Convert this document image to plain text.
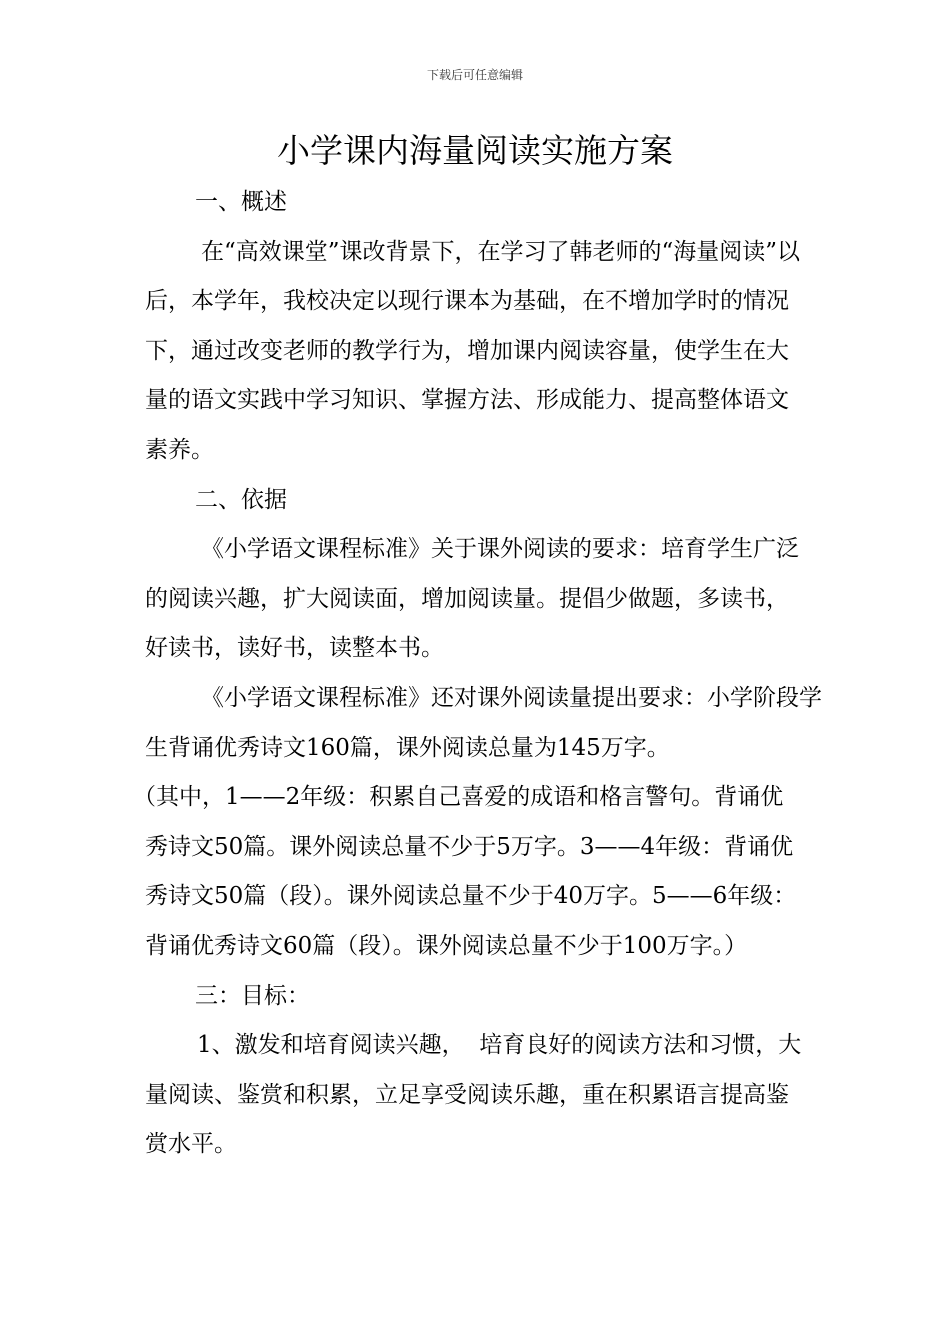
下载后可任意编辑
小学课内海量阅读实施方案

一、概述

在“高效课堂”课改背景下，在学习了韩老师的“海量阅读”以后，本学年，我校决定以现行课本为基础，在不增加学时的情况下，通过改变老师的教学行为，增加课内阅读容量，使学生在大量的语文实践中学习知识、掌握方法、形成能力、提高整体语文素养。

二、依据

《小学语文课程标准》关于课外阅读的要求：培育学生广泛的阅读兴趣，扩大阅读面，增加阅读量。提倡少做题，多读书，好读书，读好书，读整本书。

《小学语文课程标准》还对课外阅读量提出要求：小学阶段学生背诵优秀诗文160篇，课外阅读总量为145万字。

（其中，1——2年级：积累自己喜爱的成语和格言警句。背诵优秀诗文50篇。课外阅读总量不少于5万字。3——4年级：背诵优秀诗文50篇（段）。课外阅读总量不少于40万字。5——6年级：背诵优秀诗文60篇（段）。课外阅读总量不少于100万字。）

三：目标：

1、激发和培育阅读兴趣，  培育良好的阅读方法和习惯，大量阅读、鉴赏和积累，立足享受阅读乐趣，重在积累语言提高鉴赏水平。
